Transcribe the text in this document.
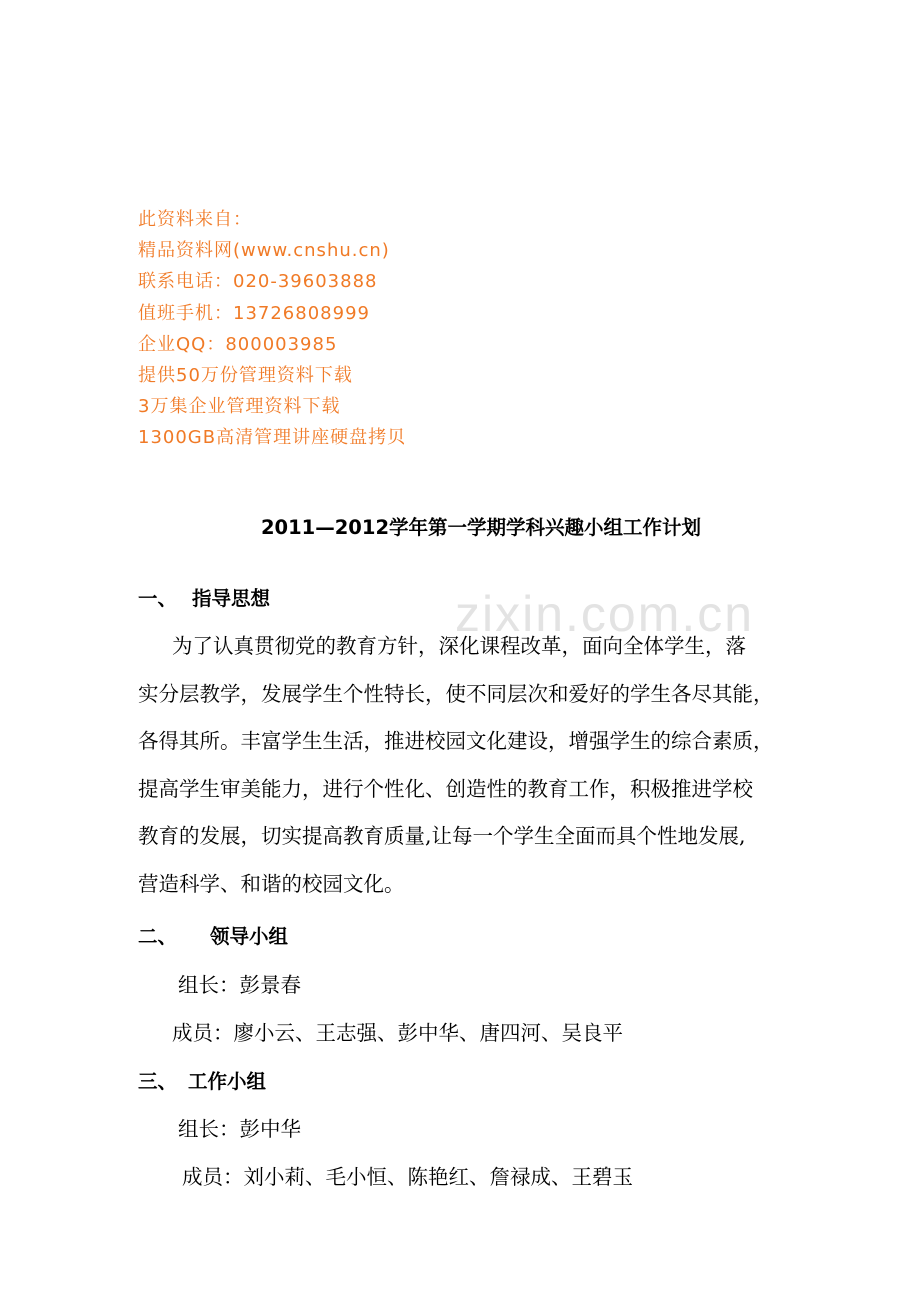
此资料来自：
精品资料网(www.cnshu.cn)
联系电话：020-39603888
值班手机：13726808999
企业QQ：800003985
提供50万份管理资料下载
3万集企业管理资料下载
1300GB高清管理讲座硬盘拷贝
zixin.com.cn
2011—2012学年第一学期学科兴趣小组工作计划
一、 指导思想
为了认真贯彻党的教育方针，深化课程改革，面向全体学生，落
实分层教学，发展学生个性特长，使不同层次和爱好的学生各尽其能，
各得其所。丰富学生生活，推进校园文化建设，增强学生的综合素质，
提高学生审美能力，进行个性化、创造性的教育工作，积极推进学校
教育的发展，切实提高教育质量,让每一个学生全面而具个性地发展,
营造科学、和谐的校园文化。
二、 领导小组
组长：彭景春
成员：廖小云、王志强、彭中华、唐四河、吴良平
三、 工作小组
组长：彭中华
成员：刘小莉、毛小恒、陈艳红、詹禄成、王碧玉
